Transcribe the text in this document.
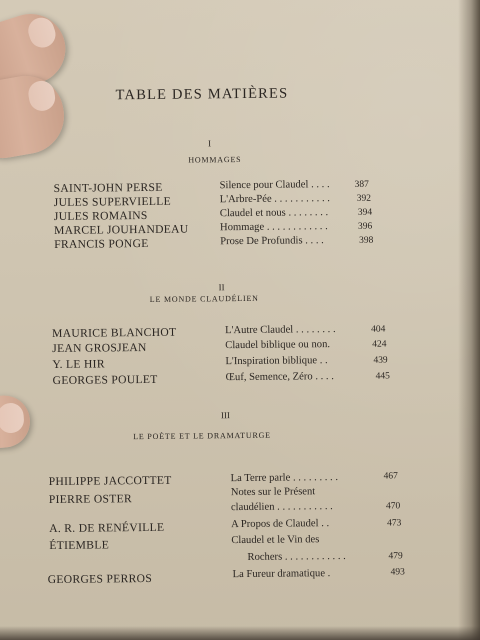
TABLE DES MATIÈRES
I
HOMMAGES
SAINT-JOHN PERSE	Silence pour Claudel . . . .	387
JULES SUPERVIELLE	L'Arbre-Pée . . . . . . . . . . .	392
JULES ROMAINS	Claudel et nous . . . . . . . .	394
MARCEL JOUHANDEAU	Hommage . . . . . . . . . . . .	396
FRANCIS PONGE	Prose De Profundis . . . .	398
II
LE MONDE CLAUDÉLIEN
MAURICE BLANCHOT	L'Autre Claudel . . . . . . . .	404
JEAN GROSJEAN	Claudel biblique ou non.	424
Y. LE HIR	L'Inspiration biblique . .	439
GEORGES POULET	Œuf, Semence, Zéro . . . .	445
III
LE POÈTE ET LE DRAMATURGE
PHILIPPE JACCOTTET	La Terre parle . . . . . . . . .	467
PIERRE OSTER	Notes sur le Présent
claudélien . . . . . . . . . . .	470
A. R. DE RENÉVILLE	A Propos de Claudel . .	473
ÉTIEMBLE	Claudel et le Vin des
Rochers . . . . . . . . . . . .	479
GEORGES PERROS	La Fureur dramatique .	493
